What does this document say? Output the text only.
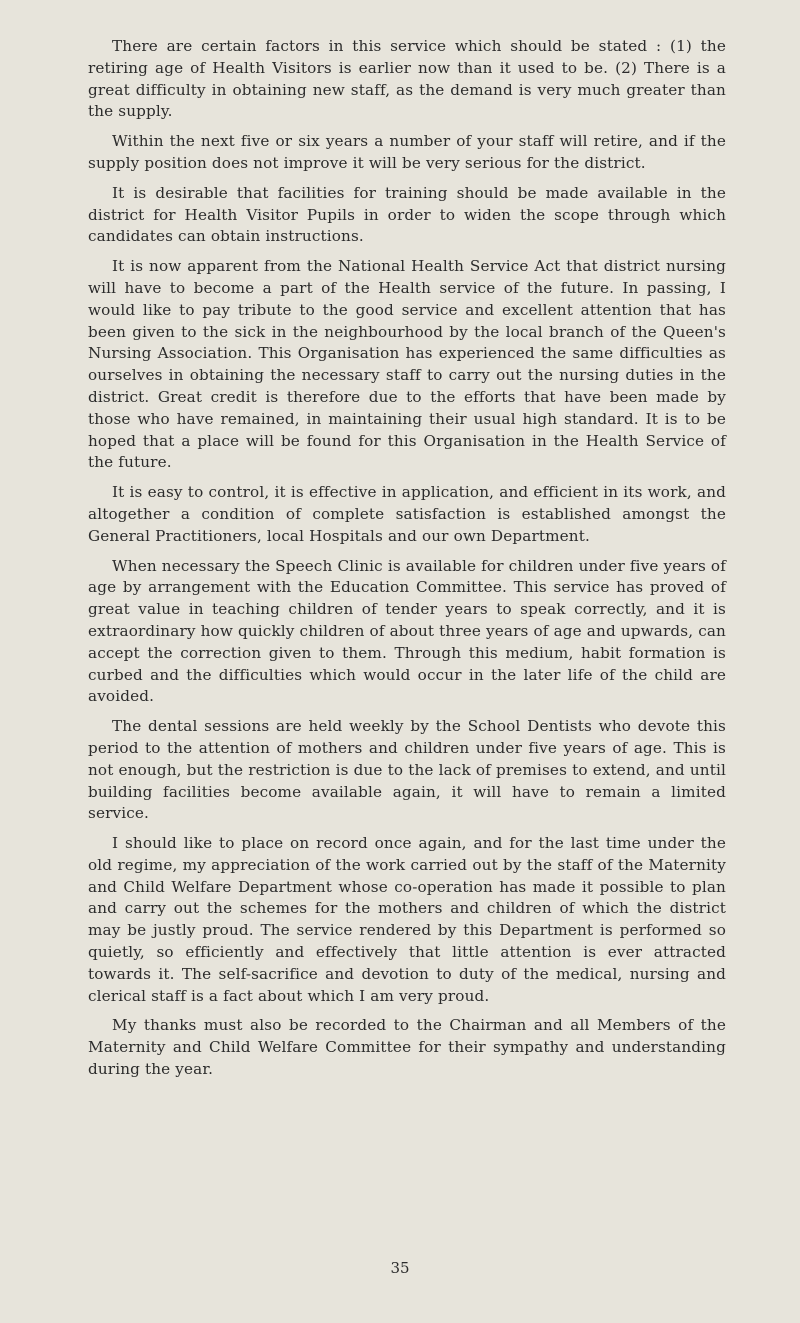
There are certain factors in this service which should be stated : (1) the retiring age of Health Visitors is earlier now than it used to be. (2) There is a great difficulty in obtaining new staff, as the demand is very much greater than the supply.

Within the next five or six years a number of your staff will retire, and if the supply position does not improve it will be very serious for the district.

It is desirable that facilities for training should be made available in the district for Health Visitor Pupils in order to widen the scope through which candidates can obtain instructions.

It is now apparent from the National Health Service Act that district nursing will have to become a part of the Health service of the future. In passing, I would like to pay tribute to the good service and excellent attention that has been given to the sick in the neighbourhood by the local branch of the Queen's Nursing Association. This Organisation has experienced the same difficulties as ourselves in obtaining the necessary staff to carry out the nursing duties in the district. Great credit is therefore due to the efforts that have been made by those who have remained, in maintaining their usual high standard. It is to be hoped that a place will be found for this Organisation in the Health Service of the future.

It is easy to control, it is effective in application, and efficient in its work, and altogether a condition of complete satisfaction is established amongst the General Practitioners, local Hospitals and our own Department.

When necessary the Speech Clinic is available for children under five years of age by arrangement with the Education Committee. This service has proved of great value in teaching children of tender years to speak correctly, and it is extraordinary how quickly children of about three years of age and upwards, can accept the correction given to them. Through this medium, habit formation is curbed and the difficulties which would occur in the later life of the child are avoided.

The dental sessions are held weekly by the School Dentists who devote this period to the attention of mothers and children under five years of age. This is not enough, but the restriction is due to the lack of premises to extend, and until building facilities become available again, it will have to remain a limited service.

I should like to place on record once again, and for the last time under the old regime, my appreciation of the work carried out by the staff of the Maternity and Child Welfare Department whose co-operation has made it possible to plan and carry out the schemes for the mothers and children of which the district may be justly proud. The service rendered by this Department is performed so quietly, so efficiently and effectively that little attention is ever attracted towards it. The self-sacrifice and devotion to duty of the medical, nursing and clerical staff is a fact about which I am very proud.

My thanks must also be recorded to the Chairman and all Members of the Maternity and Child Welfare Committee for their sympathy and understanding during the year.

35
